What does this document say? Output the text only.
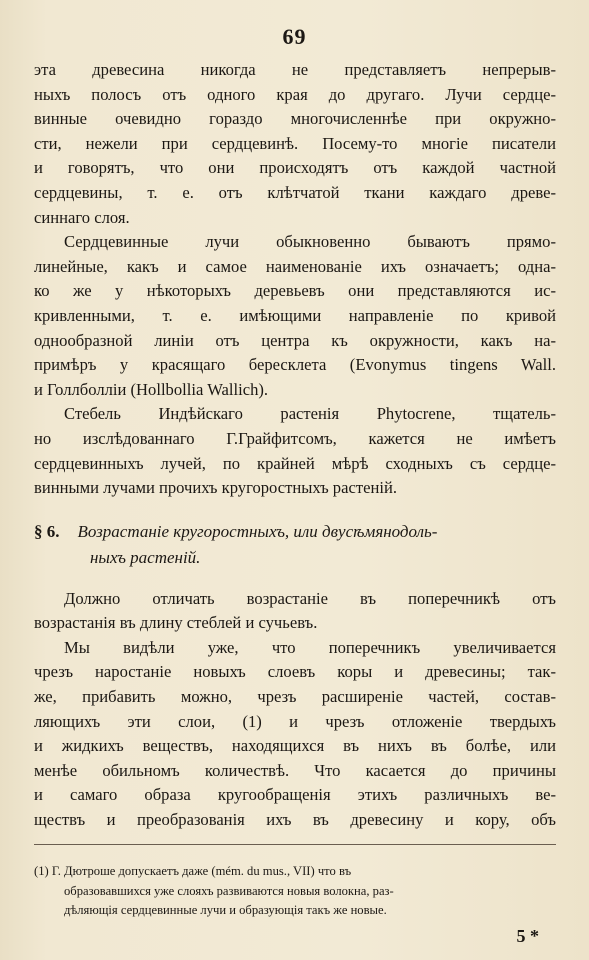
69

эта древесина никогда не представляетъ непрерыв-
ныхъ полосъ отъ одного края до другаго. Лучи сердце-
винные очевидно гораздо многочисленнѣе при окружно-
сти, нежели при сердцевинѣ. Посему-то многіе писатели
и говорятъ, что они происходятъ отъ каждой частной
сердцевины, т. е. отъ клѣтчатой ткани каждаго древе-
синнаго слоя.

Сердцевинные лучи обыкновенно бываютъ прямо-
линейные, какъ и самое наименованіе ихъ означаетъ; одна-
ко же у нѣкоторыхъ деревьевъ они представляются ис-
кривленными, т. е. имѣющими направленіе по кривой
однообразной линіи отъ центра къ окружности, какъ на-
примѣръ у красящаго бересклета (Evonymus tingens Wall.
и Голлболліи (Hollbollia Wallich).

Стебель Индѣйскаго растенія Phytocrene, тщатель-
но изслѣдованнаго Г.Грайфитсомъ, кажется не имѣетъ
сердцевинныхъ лучей, по крайней мѣрѣ сходныхъ съ сердце-
винными лучами прочихъ кругоростныхъ растеній.

§ 6. Возрастаніе кругоростныхъ, или двусѣмянодоль-
ныхъ растеній.

Должно отличать возрастаніе въ поперечникѣ отъ
возрастанія въ длину стеблей и сучьевъ.

Мы видѣли уже, что поперечникъ увеличивается
чрезъ наростаніе новыхъ слоевъ коры и древесины; так-
же, прибавить можно, чрезъ расширеніе частей, состав-
ляющихъ эти слои, (1) и чрезъ отложеніе твердыхъ
и жидкихъ веществъ, находящихся въ нихъ въ болѣе, или
менѣе обильномъ количествѣ. Что касается до причины
и самаго образа кругообращенія этихъ различныхъ ве-
ществъ и преобразованія ихъ въ древесину и кору, объ

(1) Г. Дютроше допускаетъ даже (mém. du mus., VII) что въ
образовавшихся уже слояхъ развиваются новыя волокна, раз-
дѣляющія сердцевинные лучи и образующія такъ же новые.
5 *
